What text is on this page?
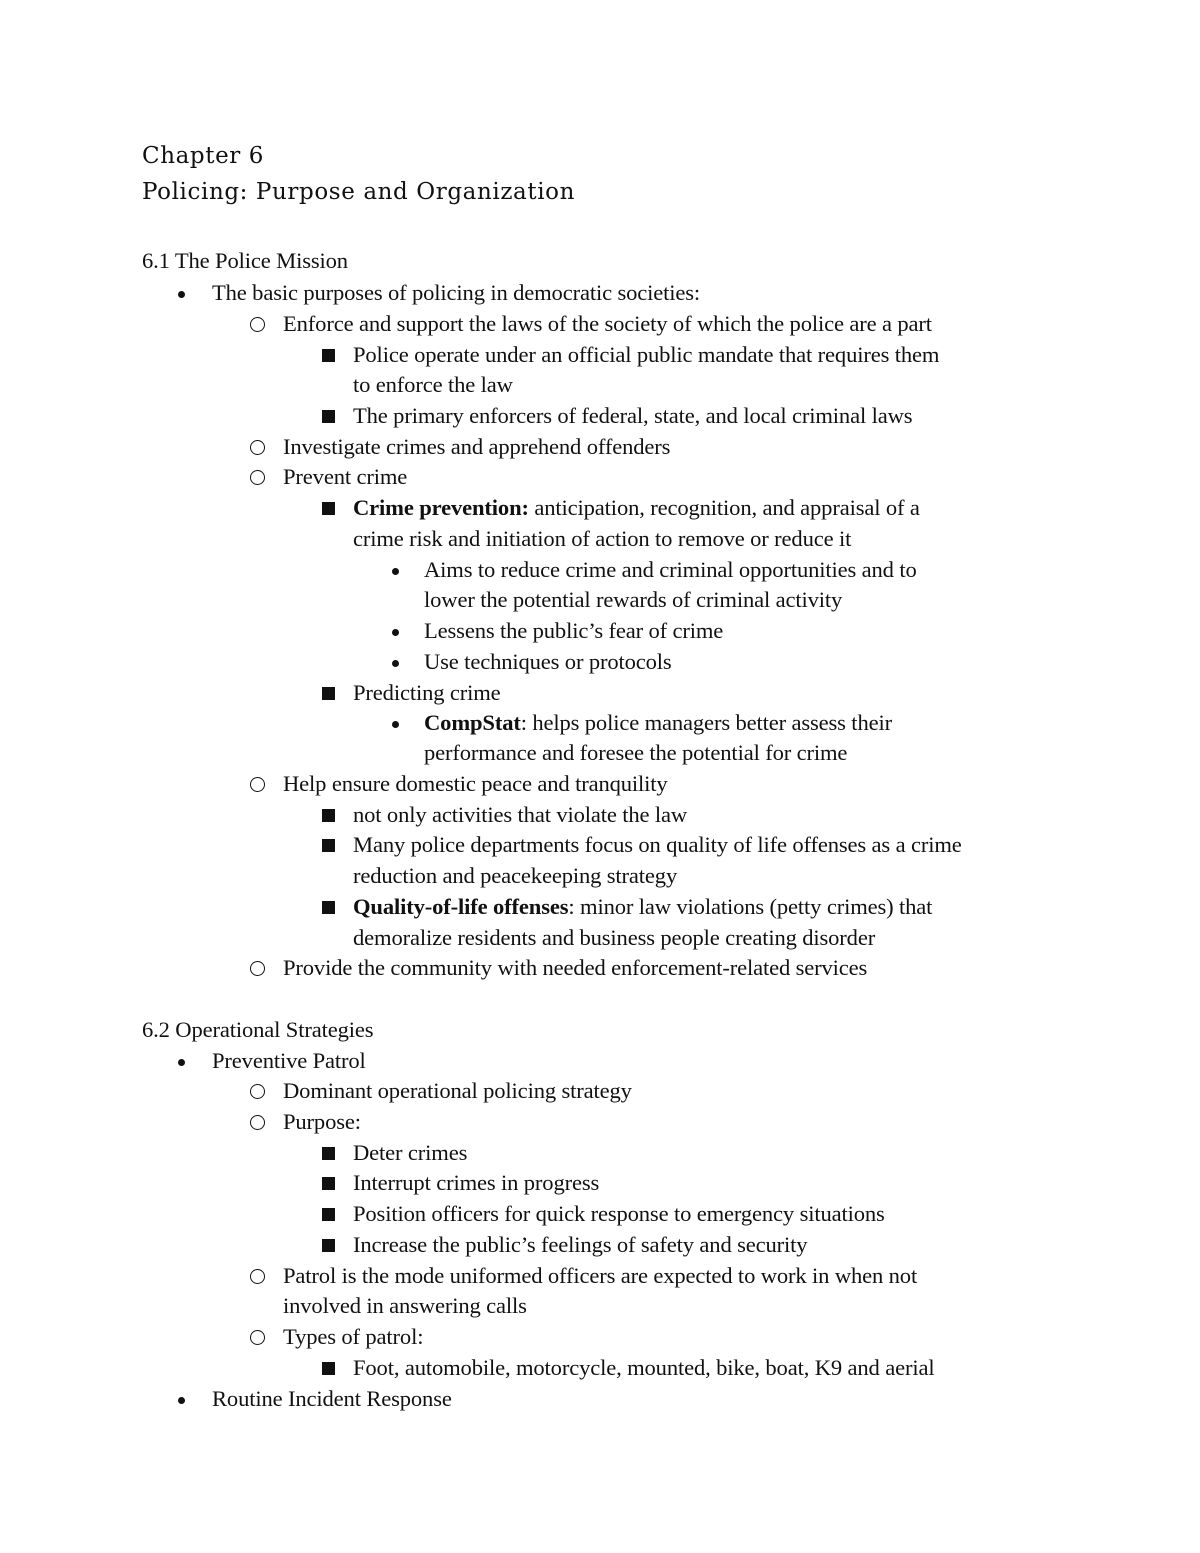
Chapter 6
Policing: Purpose and Organization

6.1 The Police Mission

The basic purposes of policing in democratic societies:

Enforce and support the laws of the society of which the police are a part

Police operate under an official public mandate that requires them

to enforce the law

The primary enforcers of federal, state, and local criminal laws

Investigate crimes and apprehend offenders

Prevent crime

Crime prevention: anticipation, recognition, and appraisal of a

crime risk and initiation of action to remove or reduce it

Aims to reduce crime and criminal opportunities and to

lower the potential rewards of criminal activity

Lessens the public’s fear of crime

Use techniques or protocols

Predicting crime

CompStat: helps police managers better assess their

performance and foresee the potential for crime

Help ensure domestic peace and tranquility

not only activities that violate the law

Many police departments focus on quality of life offenses as a crime

reduction and peacekeeping strategy

Quality-of-life offenses: minor law violations (petty crimes) that

demoralize residents and business people creating disorder

Provide the community with needed enforcement-related services

6.2 Operational Strategies

Preventive Patrol

Dominant operational policing strategy

Purpose:

Deter crimes

Interrupt crimes in progress

Position officers for quick response to emergency situations

Increase the public’s feelings of safety and security

Patrol is the mode uniformed officers are expected to work in when not

involved in answering calls

Types of patrol:

Foot, automobile, motorcycle, mounted, bike, boat, K9 and aerial

Routine Incident Response
